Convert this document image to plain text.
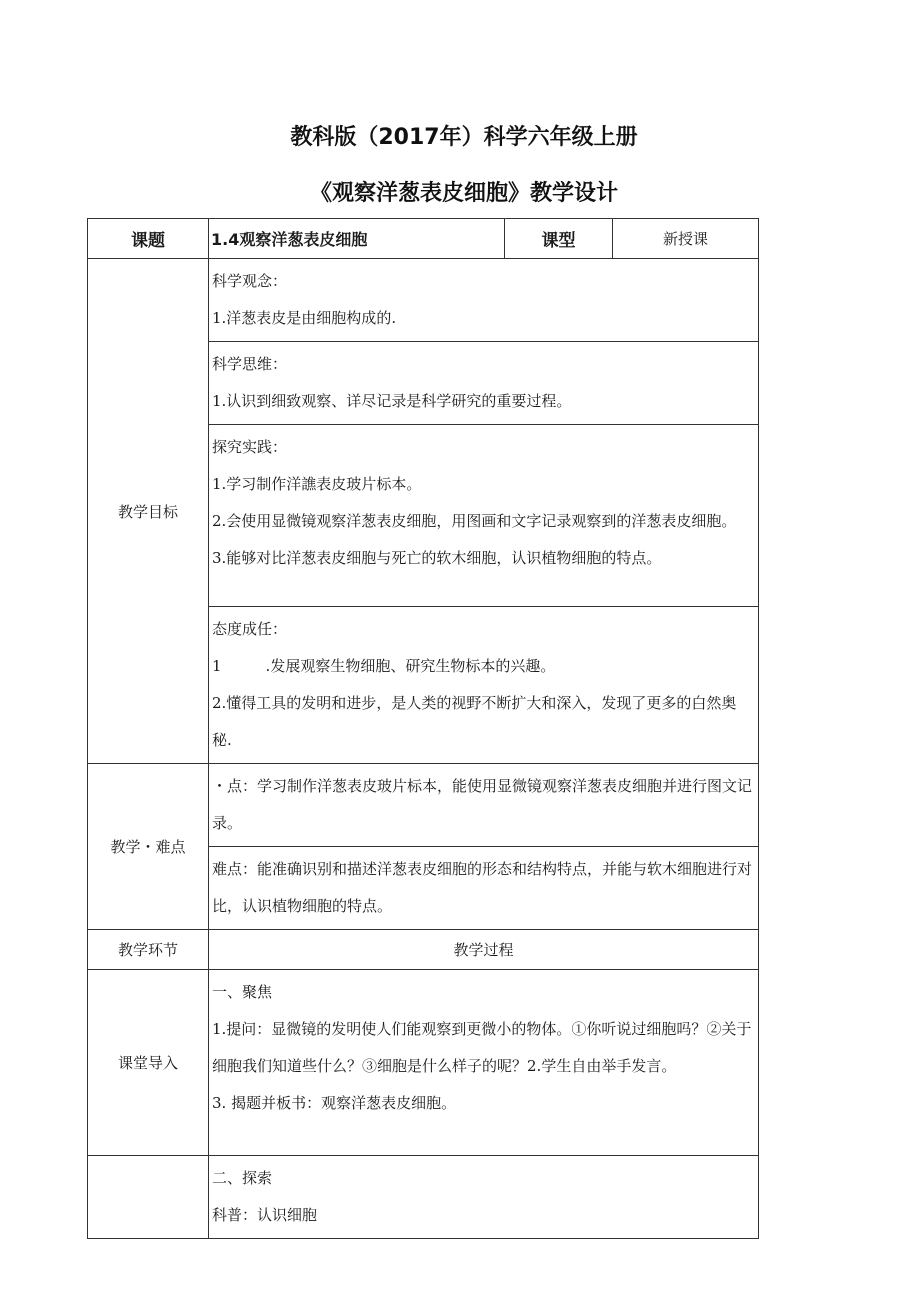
教科版（2017年）科学六年级上册
《观察洋葱表皮细胞》教学设计
课题	1.4观察洋葱表皮细胞	课型	新授课
教学目标	科学观念：

1.洋葱表皮是由细胞构成的.		

	科学思维：

1.认识到细致观察、详尽记录是科学研究的重要过程。		

	探究实践：

1.学习制作洋譙表皮玻片标本。

2.会使用显微镜观察洋葱表皮细胞，用图画和文字记录观察到的洋葱表皮细胞。

3.能够对比洋葱表皮细胞与死亡的软木细胞，认识植物细胞的特点。		

	态度成任：

1 .发展观察生物细胞、研究生物标本的兴趣。

2.懂得工具的发明和进步，是人类的视野不断扩大和深入，发现了更多的白然奥秘.		

教学・难点	・点：学习制作洋葱表皮玻片标本，能使用显微镜观察洋葱表皮细胞并进行图文记录。		

	难点：能准确识别和描述洋葱表皮细胞的形态和结构特点，并能与软木细胞进行对比，认识植物细胞的特点。		

教学环节	教学过程		
课堂导入	一、聚焦

1.提问：显微镜的发明使人们能观察到更微小的物体。①你听说过细胞吗？②关于细胞我们知道些什么？③细胞是什么样子的呢？2.学生自由举手发言。

3. 揭题并板书：观察洋葱表皮细胞。		

	二、探索

科普：认识细胞		
